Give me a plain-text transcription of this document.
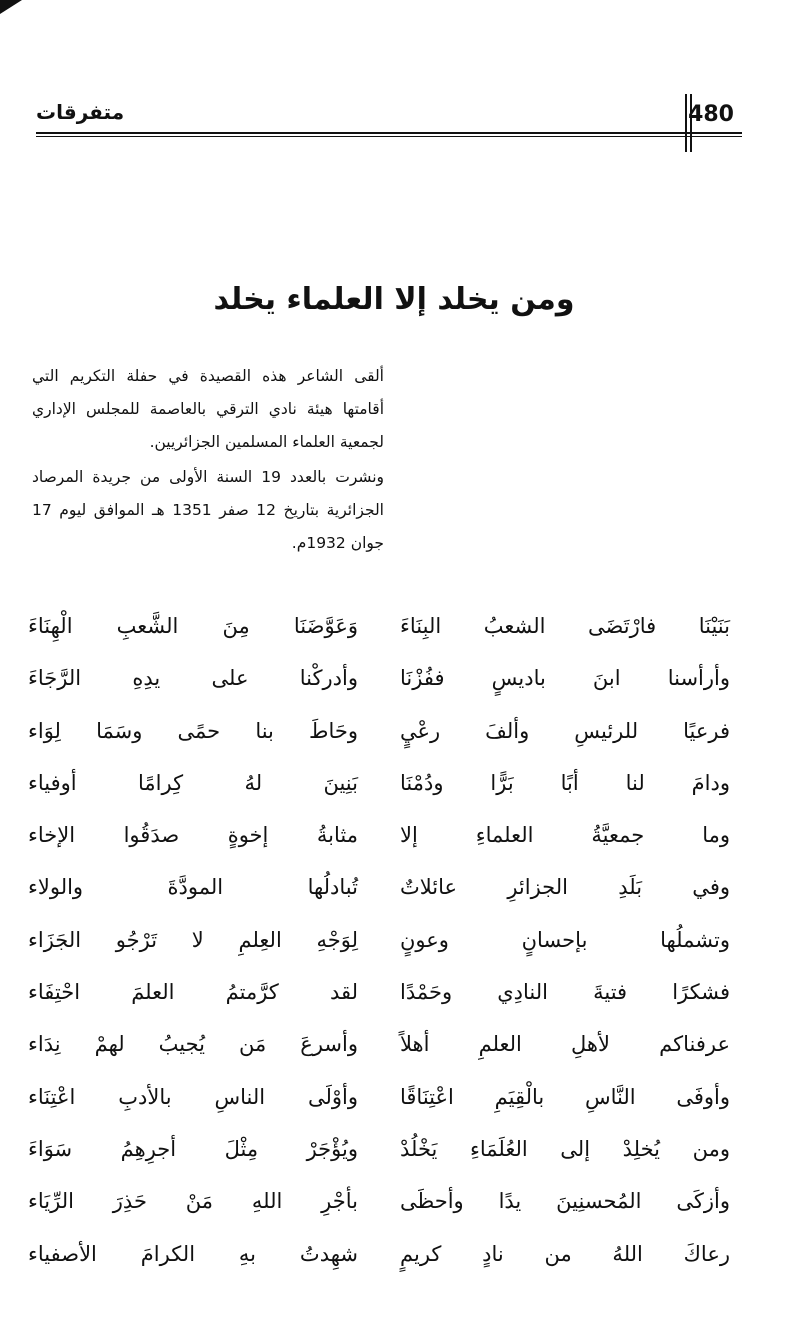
480
متفرقات
ومن يخلد إلا العلماء يخلد

ألقى الشاعر هذه القصيدة في حفلة التكريم التي أقامتها هيئة نادي الترقي بالعاصمة للمجلس الإداري لجمعية العلماء المسلمين الجزائريين.

ونشرت بالعدد 19 السنة الأولى من جريدة المرصاد الجزائرية بتاريخ 12 صفر 1351 هـ الموافق ليوم 17 جوان 1932م.

بَنَيْنَا فارْتَضَى الشعبُ البِنَاءَ
وَعَوَّضَنَا مِنَ الشَّعبِ الْهِنَاءَ
وأرأسنا ابنَ باديسٍ ففُزْنَا
وأدركْنا على يدِهِ الرَّجَاءَ
فرعيًا للرئيسِ وألفَ رعْيٍ
وحَاطَ بنا حمًى وسَمَا لِوَاء
ودامَ لنا أبًا بَرًّا ودُمْنَا
بَنِينَ لهُ كِرامًا أوفياء
وما جمعيَّةُ العلماءِ إلا
مثابةُ إخوةٍ صدَقُوا الإخاء
وفي بَلَدِ الجزائرِ عائلاتٌ
تُبادلُها المودَّةَ والولاء
وتشملُها بإحسانٍ وعونٍ
لِوَجْهِ العِلمِ لا تَرْجُو الجَزَاء
فشكرًا فتيةَ النادِي وحَمْدًا
لقد كرَّمتمُ العلمَ احْتِفَاء
عرفناكم لأهلِ العلمِ أهلاً
وأسرعَ مَن يُجيبُ لهمْ نِدَاء
وأوفَى النَّاسِ بالْقِيَمِ اعْتِنَاقًا
وأوْلَى الناسِ بالأدبِ اعْتِنَاء
ومن يُخلِدْ إلى العُلَمَاءِ يَخْلُدْ
ويُؤْجَرْ مِثْلَ أجرِهِمُ سَوَاءَ
وأزكَى المُحسنِينَ يدًا وأحظَى
بأجْرِ اللهِ مَنْ حَذِرَ الرِّيَاء
رعاكَ اللهُ من نادٍ كريمٍ
شهِدتُ بهِ الكرامَ الأصفياء
